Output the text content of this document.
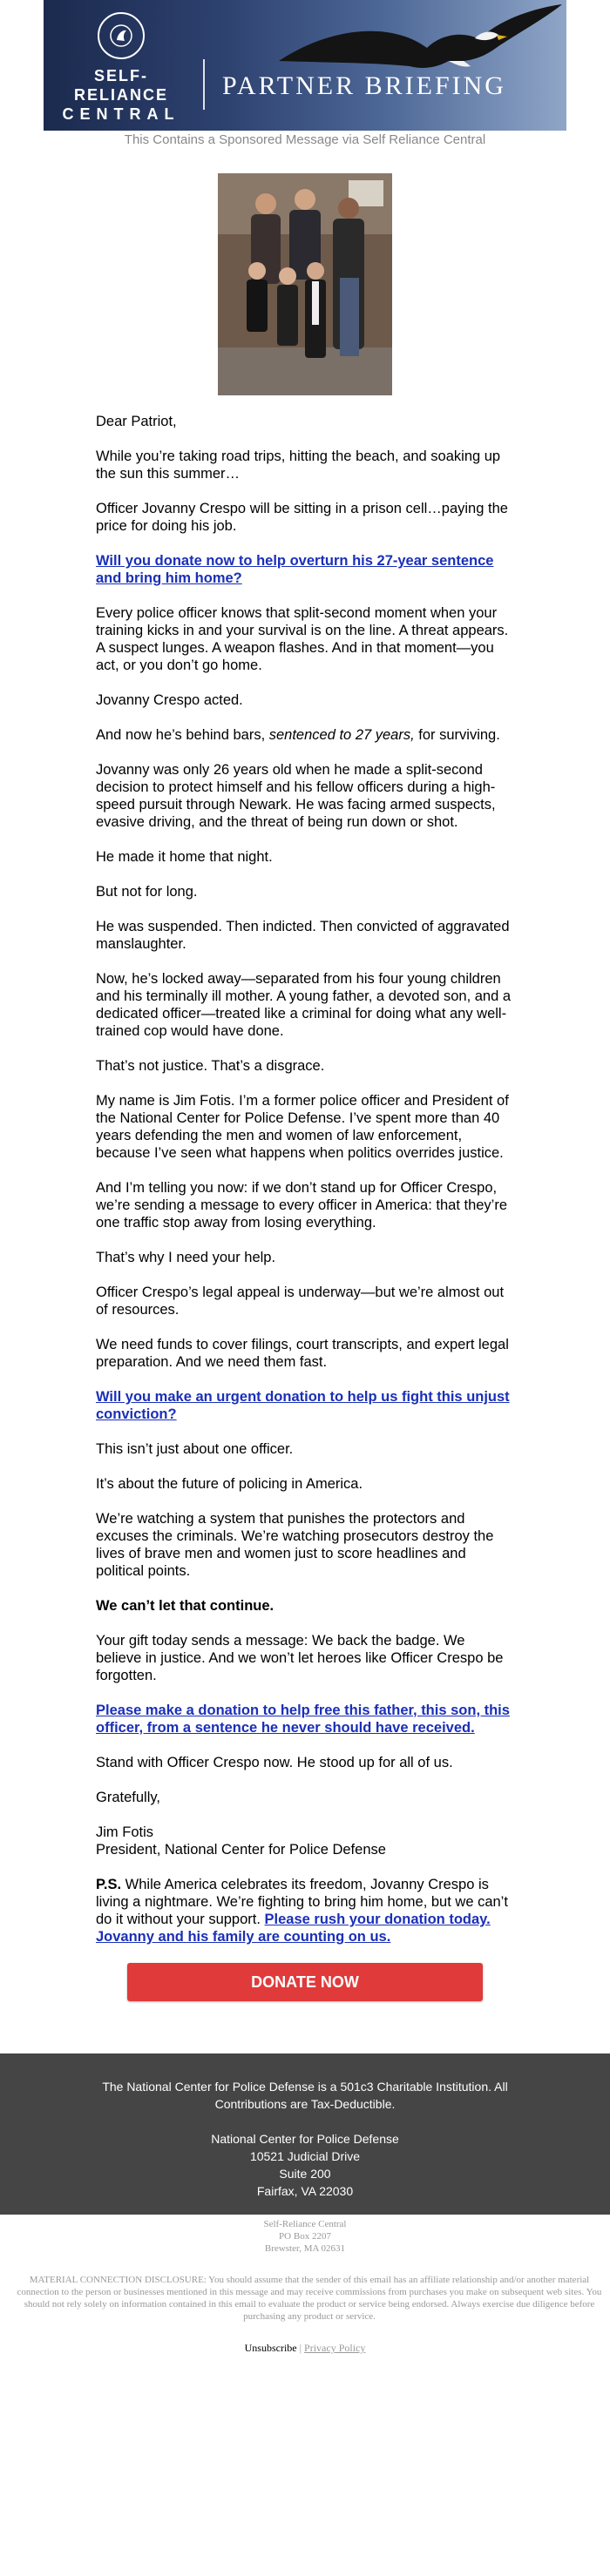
SELF-RELIANCE
CENTRAL
PARTNER BRIEFING
This Contains a Sponsored Message via Self Reliance Central

Dear Patriot,

While you’re taking road trips, hitting the beach, and soaking up the sun this summer…

Officer Jovanny Crespo will be sitting in a prison cell…paying the price for doing his job.

Will you donate now to help overturn his 27-year sentence and bring him home?

Every police officer knows that split-second moment when your training kicks in and your survival is on the line. A threat appears. A suspect lunges. A weapon flashes. And in that moment—you act, or you don’t go home.

Jovanny Crespo acted.

And now he’s behind bars, sentenced to 27 years, for surviving.

Jovanny was only 26 years old when he made a split-second decision to protect himself and his fellow officers during a high-speed pursuit through Newark. He was facing armed suspects, evasive driving, and the threat of being run down or shot.

He made it home that night.

But not for long.

He was suspended. Then indicted. Then convicted of aggravated manslaughter.

Now, he’s locked away—separated from his four young children and his terminally ill mother. A young father, a devoted son, and a dedicated officer—treated like a criminal for doing what any well-trained cop would have done.

That’s not justice. That’s a disgrace.

My name is Jim Fotis. I’m a former police officer and President of the National Center for Police Defense. I’ve spent more than 40 years defending the men and women of law enforcement, because I’ve seen what happens when politics overrides justice.

And I’m telling you now: if we don’t stand up for Officer Crespo, we’re sending a message to every officer in America: that they’re one traffic stop away from losing everything.

That’s why I need your help.

Officer Crespo’s legal appeal is underway—but we’re almost out of resources.

We need funds to cover filings, court transcripts, and expert legal preparation. And we need them fast.

Will you make an urgent donation to help us fight this unjust conviction?

This isn’t just about one officer.

It’s about the future of policing in America.

We’re watching a system that punishes the protectors and excuses the criminals. We’re watching prosecutors destroy the lives of brave men and women just to score headlines and political points.

We can’t let that continue.

Your gift today sends a message: We back the badge. We believe in justice. And we won’t let heroes like Officer Crespo be forgotten.

Please make a donation to help free this father, this son, this officer, from a sentence he never should have received.

Stand with Officer Crespo now. He stood up for all of us.

Gratefully,

Jim Fotis
President, National Center for Police Defense

P.S. While America celebrates its freedom, Jovanny Crespo is living a nightmare. We’re fighting to bring him home, but we can’t do it without your support. Please rush your donation today. Jovanny and his family are counting on us.

DONATE NOW
The National Center for Police Defense is a 501c3 Charitable Institution. All Contributions are Tax-Deductible.
National Center for Police Defense
10521 Judicial Drive
Suite 200
Fairfax, VA 22030
Self-Reliance Central
PO Box 2207
Brewster, MA 02631
MATERIAL CONNECTION DISCLOSURE: You should assume that the sender of this email has an affiliate relationship and/or another material connection to the person or businesses mentioned in this message and may receive commissions from purchases you make on subsequent web sites. You should not rely solely on information contained in this email to evaluate the product or service being endorsed. Always exercise due diligence before purchasing any product or service.
Unsubscribe | Privacy Policy
